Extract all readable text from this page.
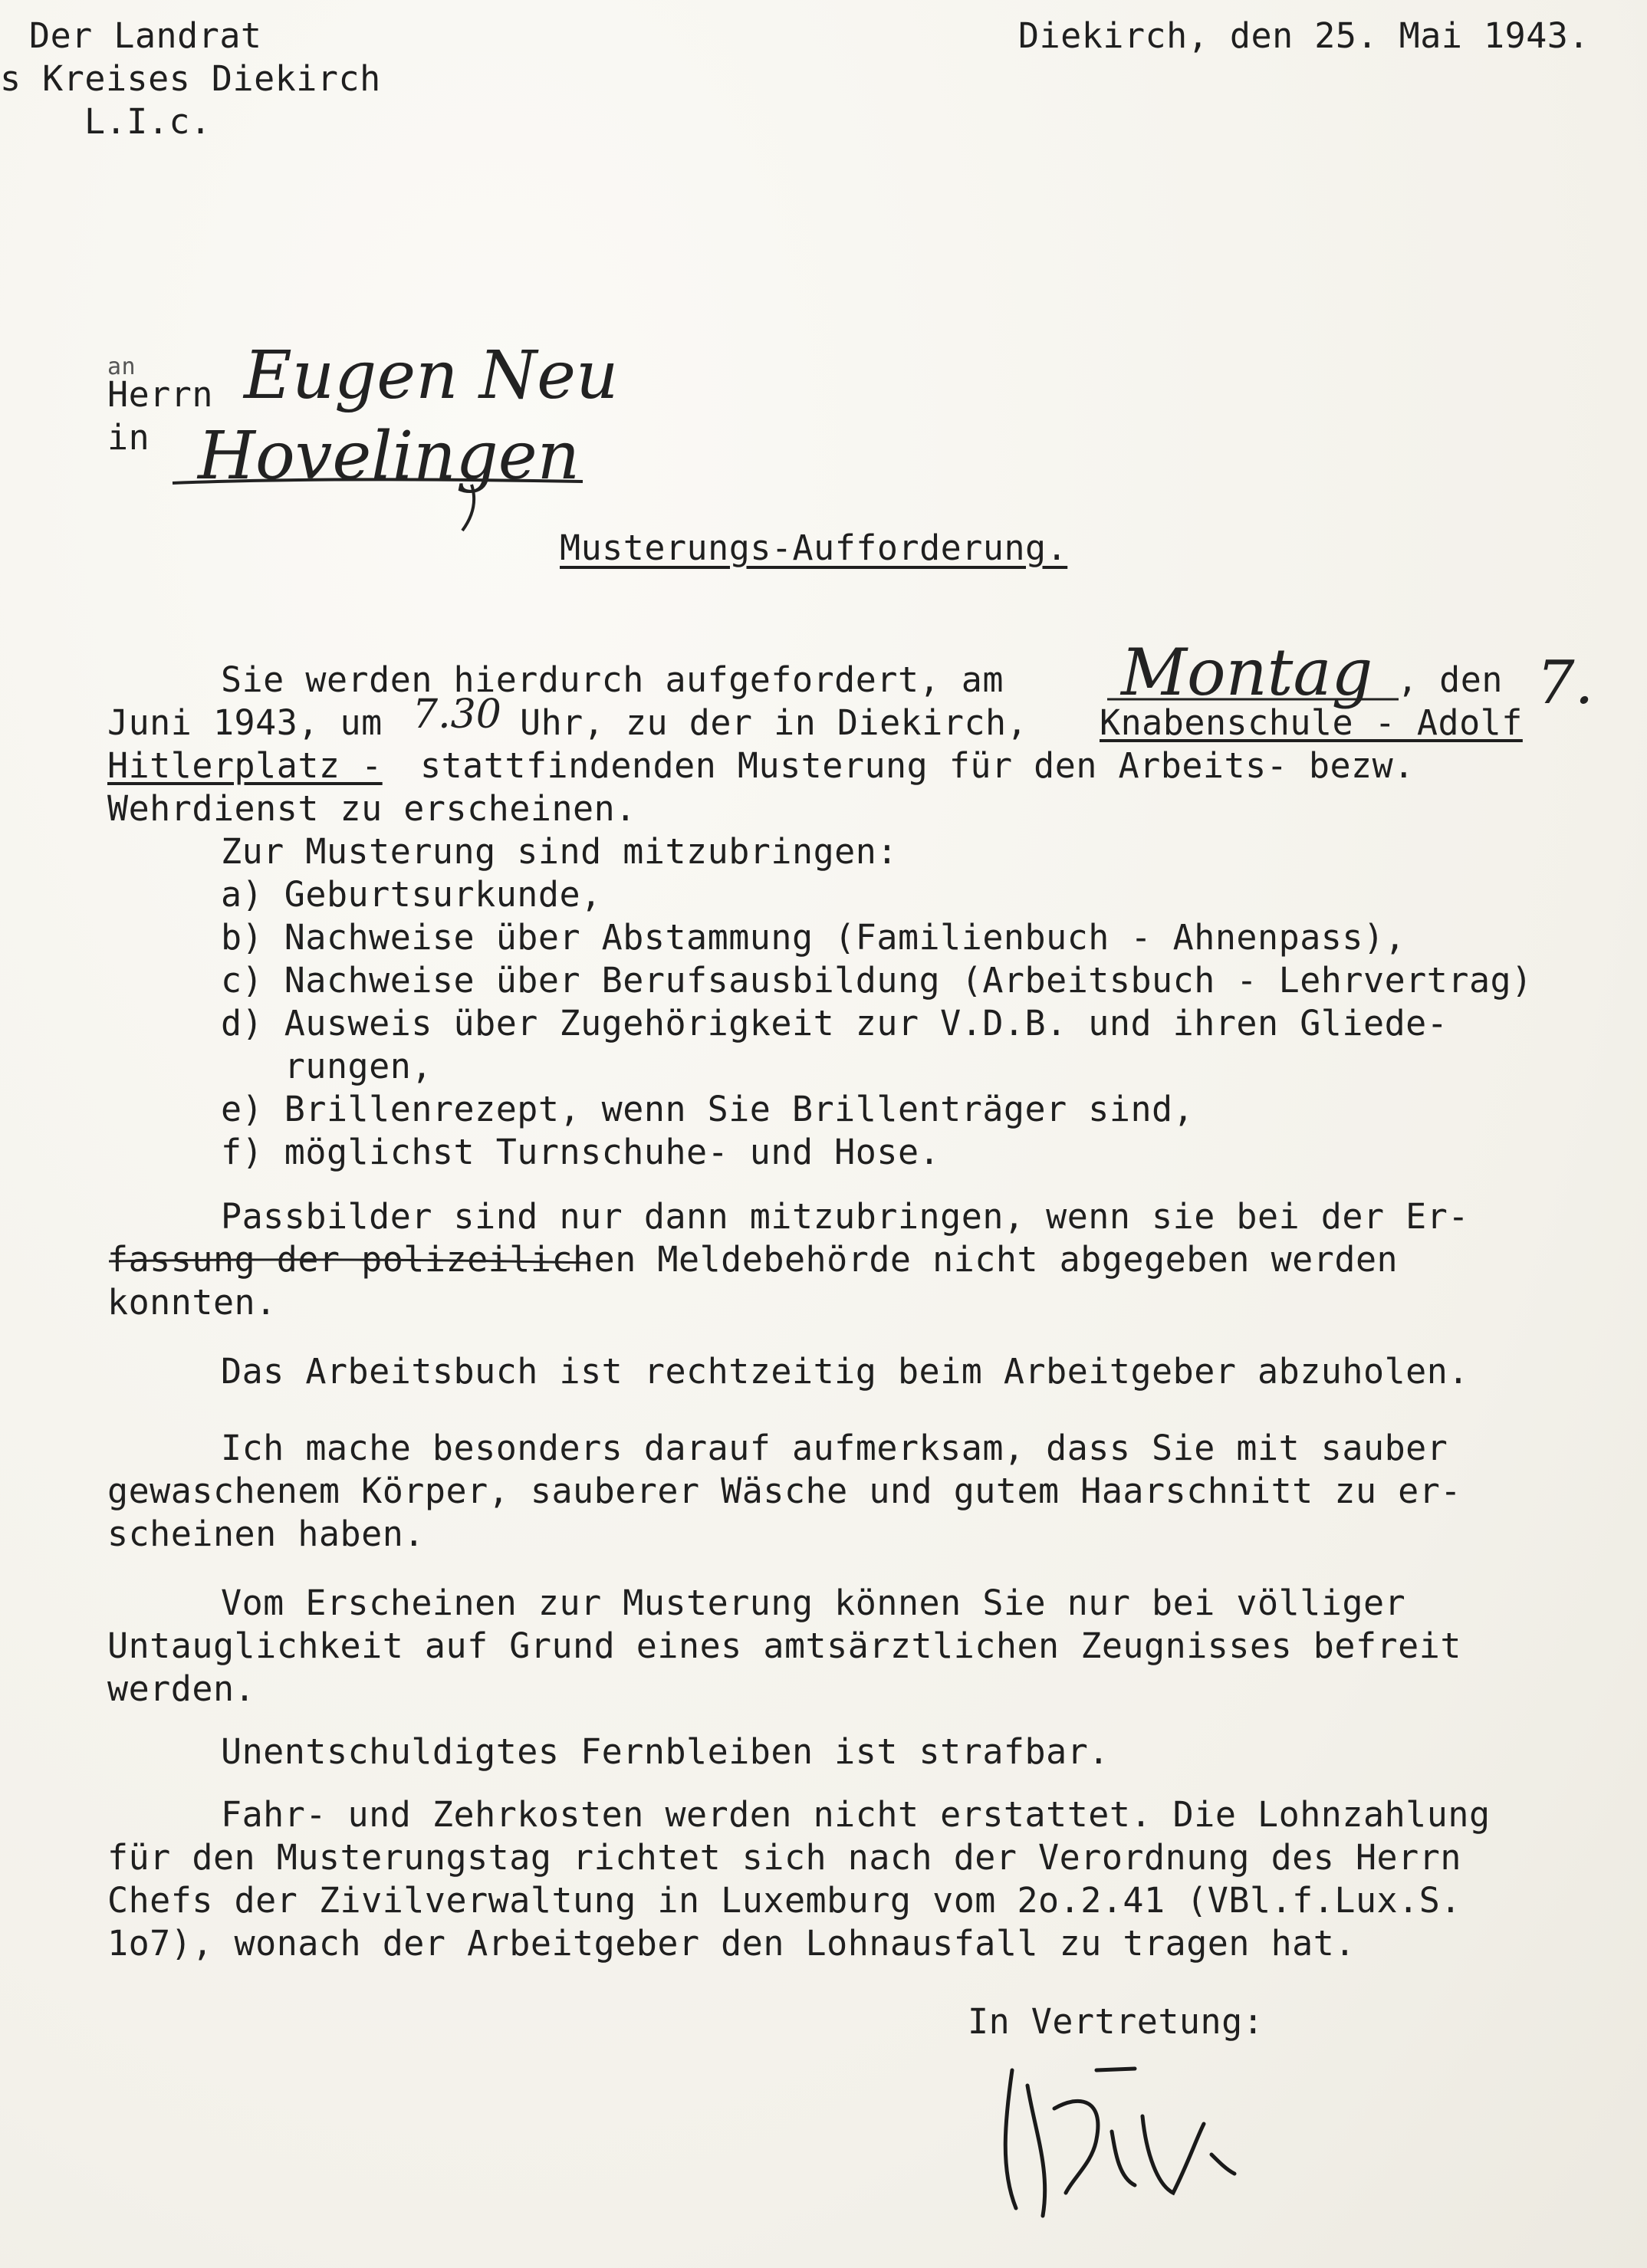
Der Landrat
s Kreises Diekirch
L.I.c.
Diekirch, den 25. Mai 1943.
an
Herrn Eugen Neu
in Hovelingen
Musterungs-Aufforderung.
Sie werden hierdurch aufgefordert, am Montag , den 7.
Juni 1943, um 7.30 Uhr, zu der in Diekirch, Knabenschule - Adolf
Hitlerplatz - stattfindenden Musterung für den Arbeits- bezw.
Wehrdienst zu erscheinen.
Zur Musterung sind mitzubringen:
a) Geburtsurkunde,
b) Nachweise über Abstammung (Familienbuch - Ahnenpass),
c) Nachweise über Berufsausbildung (Arbeitsbuch - Lehrvertrag)
d) Ausweis über Zugehörigkeit zur V.D.B. und ihren Gliede-
rungen,
e) Brillenrezept, wenn Sie Brillenträger sind,
f) möglichst Turnschuhe- und Hose.
Passbilder sind nur dann mitzubringen, wenn sie bei der Er-
fassung der polizeilichen Meldebehörde nicht abgegeben werden
konnten.
Das Arbeitsbuch ist rechtzeitig beim Arbeitgeber abzuholen.
Ich mache besonders darauf aufmerksam, dass Sie mit sauber
gewaschenem Körper, sauberer Wäsche und gutem Haarschnitt zu er-
scheinen haben.
Vom Erscheinen zur Musterung können Sie nur bei völliger
Untauglichkeit auf Grund eines amtsärztlichen Zeugnisses befreit
werden.
Unentschuldigtes Fernbleiben ist strafbar.
Fahr- und Zehrkosten werden nicht erstattet. Die Lohnzahlung
für den Musterungstag richtet sich nach der Verordnung des Herrn
Chefs der Zivilverwaltung in Luxemburg vom 2o.2.41 (VBl.f.Lux.S.
1o7), wonach der Arbeitgeber den Lohnausfall zu tragen hat.
In Vertretung:
